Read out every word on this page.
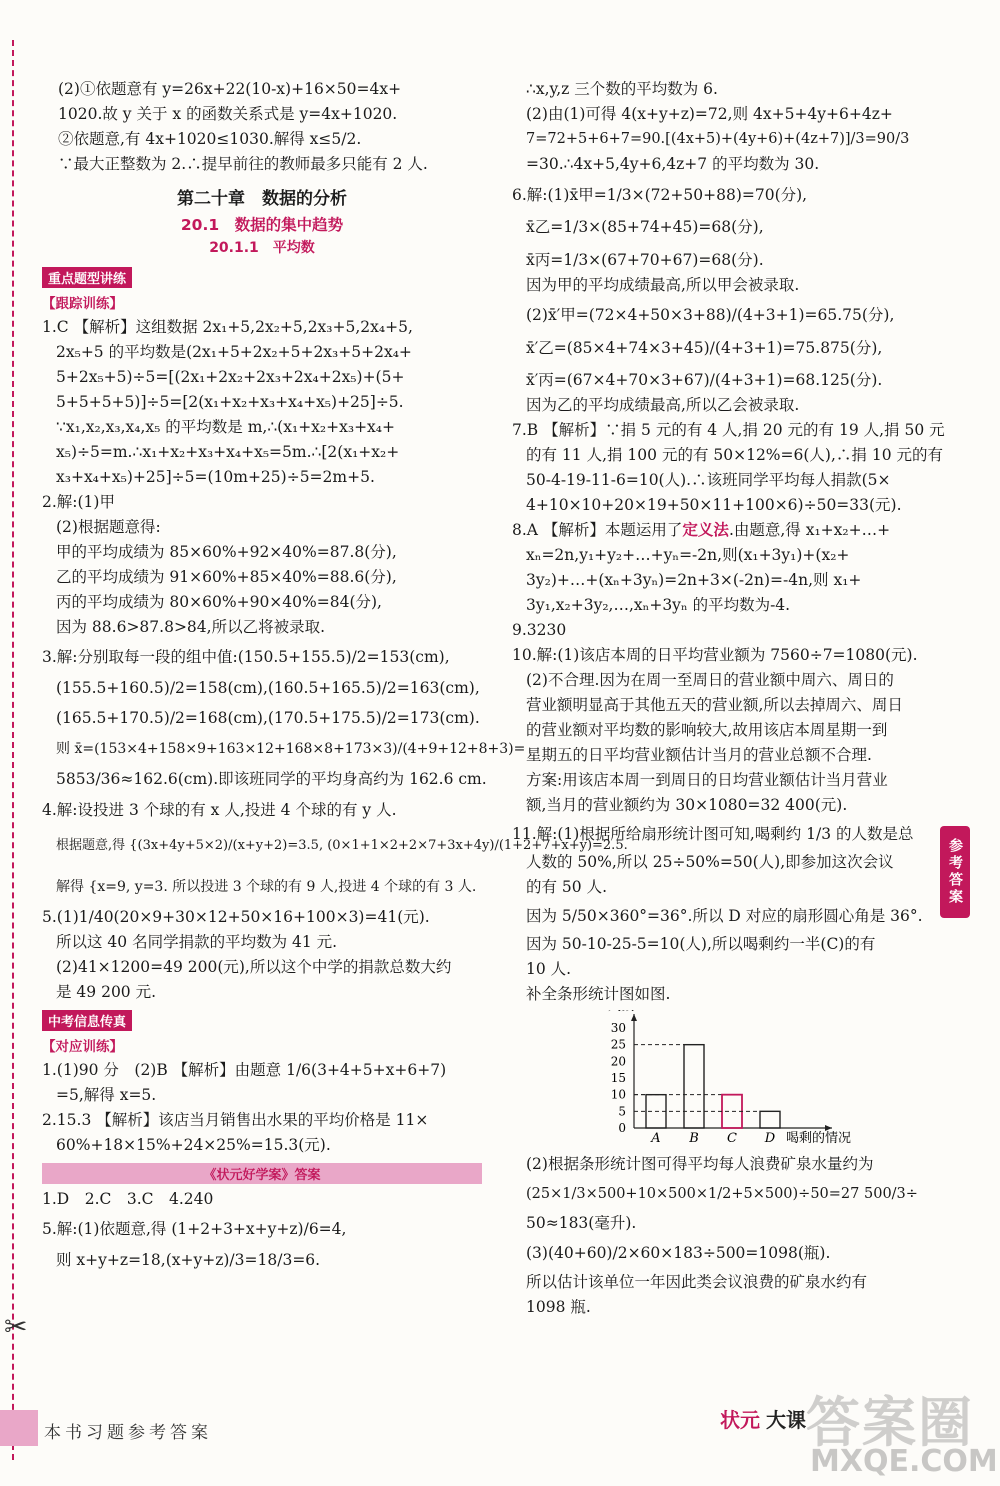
✂
(2)①依题意有 y=26x+22(10-x)+16×50=4x+
1020.故 y 关于 x 的函数关系式是 y=4x+1020.
②依题意,有 4x+1020≤1030.解得 x≤5/2.
∵最大正整数为 2.∴提早前往的教师最多只能有 2 人.
第二十章　数据的分析
20.1　数据的集中趋势
20.1.1　平均数
重点题型讲练
【跟踪训练】
1.C 【解析】这组数据 2x₁+5,2x₂+5,2x₃+5,2x₄+5,
2x₅+5 的平均数是(2x₁+5+2x₂+5+2x₃+5+2x₄+
5+2x₅+5)÷5=[(2x₁+2x₂+2x₃+2x₄+2x₅)+(5+
5+5+5+5)]÷5=[2(x₁+x₂+x₃+x₄+x₅)+25]÷5.
∵x₁,x₂,x₃,x₄,x₅ 的平均数是 m,∴(x₁+x₂+x₃+x₄+
x₅)÷5=m.∴x₁+x₂+x₃+x₄+x₅=5m.∴[2(x₁+x₂+
x₃+x₄+x₅)+25]÷5=(10m+25)÷5=2m+5.
2.解:(1)甲
(2)根据题意得:
甲的平均成绩为 85×60%+92×40%=87.8(分),
乙的平均成绩为 91×60%+85×40%=88.6(分),
丙的平均成绩为 80×60%+90×40%=84(分),
因为 88.6>87.8>84,所以乙将被录取.
3.解:分别取每一段的组中值:(150.5+155.5)/2=153(cm),
(155.5+160.5)/2=158(cm),(160.5+165.5)/2=163(cm),
(165.5+170.5)/2=168(cm),(170.5+175.5)/2=173(cm).
则 x̄=(153×4+158×9+163×12+168×8+173×3)/(4+9+12+8+3)=
5853/36≈162.6(cm).即该班同学的平均身高约为 162.6 cm.
4.解:设投进 3 个球的有 x 人,投进 4 个球的有 y 人.
根据题意,得 {(3x+4y+5×2)/(x+y+2)=3.5, (0×1+1×2+2×7+3x+4y)/(1+2+7+x+y)=2.5.
解得 {x=9, y=3. 所以投进 3 个球的有 9 人,投进 4 个球的有 3 人.
5.(1)1/40(20×9+30×12+50×16+100×3)=41(元).
所以这 40 名同学捐款的平均数为 41 元.
(2)41×1200=49 200(元),所以这个中学的捐款总数大约
是 49 200 元.
中考信息传真
【对应训练】
1.(1)90 分　(2)B 【解析】由题意 1/6(3+4+5+x+6+7)
=5,解得 x=5.
2.15.3 【解析】该店当月销售出水果的平均价格是 11×
60%+18×15%+24×25%=15.3(元).
《状元好学案》答案
1.D　2.C　3.C　4.240
5.解:(1)依题意,得 (1+2+3+x+y+z)/6=4,
则 x+y+z=18,(x+y+z)/3=18/3=6.
∴x,y,z 三个数的平均数为 6.
(2)由(1)可得 4(x+y+z)=72,则 4x+5+4y+6+4z+
7=72+5+6+7=90.[(4x+5)+(4y+6)+(4z+7)]/3=90/3
=30.∴4x+5,4y+6,4z+7 的平均数为 30.
6.解:(1)x̄甲=1/3×(72+50+88)=70(分),
x̄乙=1/3×(85+74+45)=68(分),
x̄丙=1/3×(67+70+67)=68(分).
因为甲的平均成绩最高,所以甲会被录取.
(2)x̄′甲=(72×4+50×3+88)/(4+3+1)=65.75(分),
x̄′乙=(85×4+74×3+45)/(4+3+1)=75.875(分),
x̄′丙=(67×4+70×3+67)/(4+3+1)=68.125(分).
因为乙的平均成绩最高,所以乙会被录取.
7.B 【解析】∵捐 5 元的有 4 人,捐 20 元的有 19 人,捐 50 元
的有 11 人,捐 100 元的有 50×12%=6(人),∴捐 10 元的有
50-4-19-11-6=10(人).∴该班同学平均每人捐款(5×
4+10×10+20×19+50×11+100×6)÷50=33(元).
8.A 【解析】本题运用了定义法.由题意,得 x₁+x₂+…+
xₙ=2n,y₁+y₂+…+yₙ=-2n,则(x₁+3y₁)+(x₂+
3y₂)+…+(xₙ+3yₙ)=2n+3×(-2n)=-4n,则 x₁+
3y₁,x₂+3y₂,…,xₙ+3yₙ 的平均数为-4.
9.3230
10.解:(1)该店本周的日平均营业额为 7560÷7=1080(元).
(2)不合理.因为在周一至周日的营业额中周六、周日的
营业额明显高于其他五天的营业额,所以去掉周六、周日
的营业额对平均数的影响较大,故用该店本周星期一到
星期五的日平均营业额估计当月的营业总额不合理.
方案:用该店本周一到周日的日均营业额估计当月营业
额,当月的营业额约为 30×1080=32 400(元).
11.解:(1)根据所给扇形统计图可知,喝剩约 1/3 的人数是总
人数的 50%,所以 25÷50%=50(人),即参加这次会议
的有 50 人.
因为 5/50×360°=36°.所以 D 对应的扇形圆心角是 36°.
因为 50-10-25-5=10(人),所以喝剩约一半(C)的有
10 人.
补全条形统计图如图.
0
5
10
15
20
25
30
A B C D 喝剩的情况
(2)根据条形统计图可得平均每人浪费矿泉水量约为
(25×1/3×500+10×500×1/2+5×500)÷50=27 500/3÷
50≈183(毫升).
(3)(40+60)/2×60×183÷500=1098(瓶).
所以估计该单位一年因此类会议浪费的矿泉水约有
1098 瓶.
参考答案
本书习题参考答案
状元 大课 答案圈
MXQE.COM
